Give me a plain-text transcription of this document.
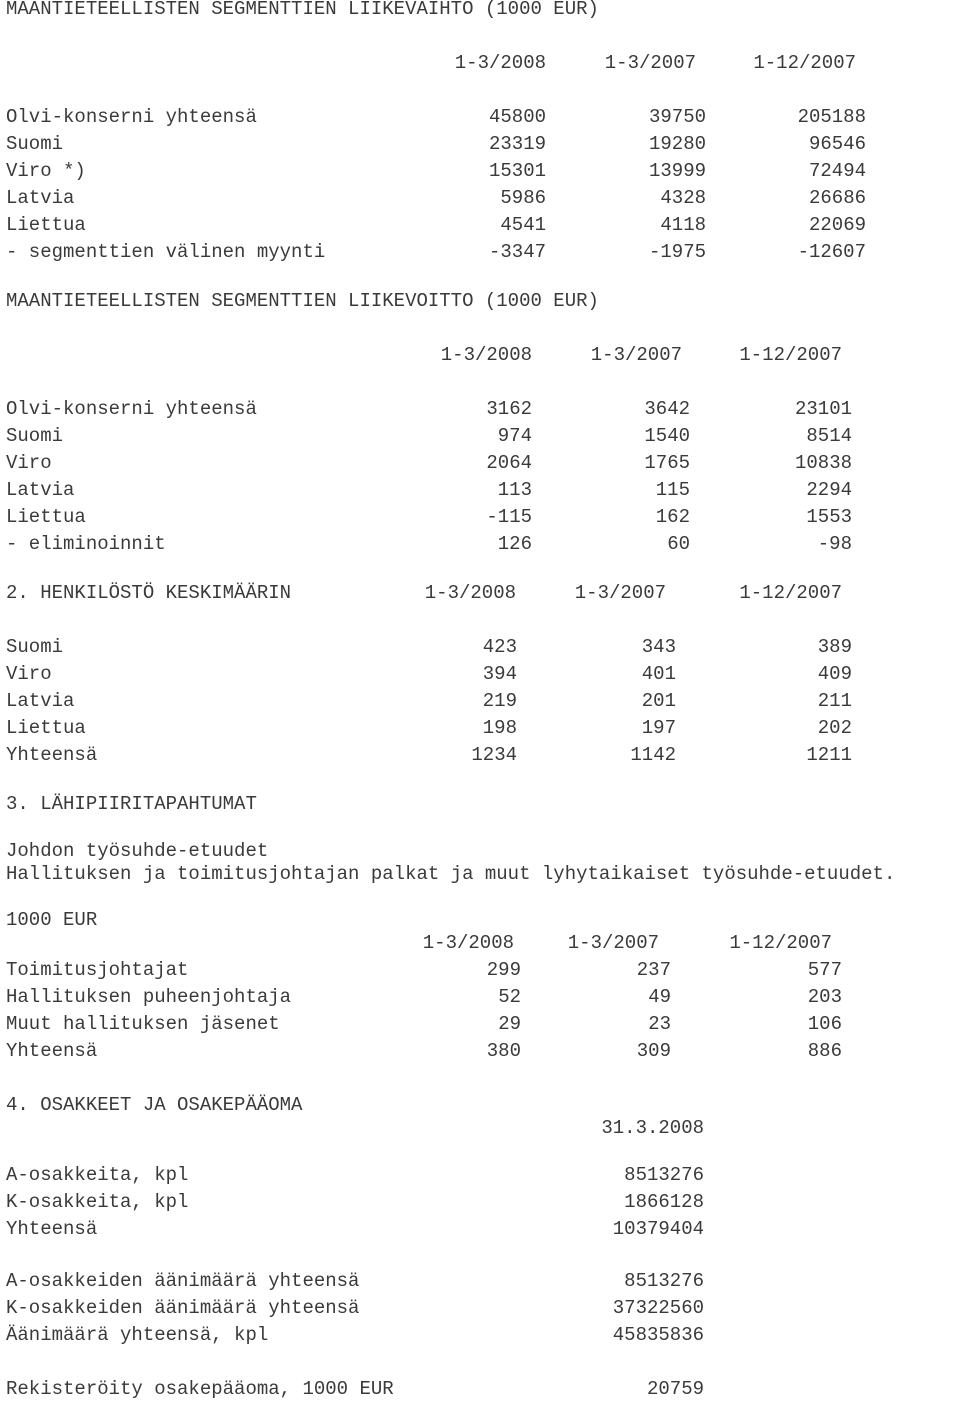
MAANTIETEELLISTEN SEGMENTTIEN LIIKEVAIHTO (1000 EUR)
1-3/2008	1-3/2007	1-12/2007
Olvi-konserni yhteensä	45800	39750	205188
Suomi	23319	19280	96546
Viro *)	15301	13999	72494
Latvia	5986	4328	26686
Liettua	4541	4118	22069
- segmenttien välinen myynti	-3347	-1975	-12607
MAANTIETEELLISTEN SEGMENTTIEN LIIKEVOITTO (1000 EUR)
1-3/2008	1-3/2007	1-12/2007
Olvi-konserni yhteensä	3162	3642	23101
Suomi	974	1540	8514
Viro	2064	1765	10838
Latvia	113	115	2294
Liettua	-115	162	1553
- eliminoinnit	126	60	-98
2. HENKILÖSTÖ KESKIMÄÄRIN	1-3/2008	1-3/2007	1-12/2007
Suomi	423	343	389
Viro	394	401	409
Latvia	219	201	211
Liettua	198	197	202
Yhteensä	1234	1142	1211
3. LÄHIPIIRITAPAHTUMAT
Johdon työsuhde-etuudet
Hallituksen ja toimitusjohtajan palkat ja muut lyhytaikaiset työsuhde-etuudet.
1000 EUR
1-3/2008	1-3/2007	1-12/2007
Toimitusjohtajat	299	237	577
Hallituksen puheenjohtaja	52	49	203
Muut hallituksen jäsenet	29	23	106
Yhteensä	380	309	886
4. OSAKKEET JA OSAKEPÄÄOMA
31.3.2008
A-osakkeita, kpl	8513276
K-osakkeita, kpl	1866128
Yhteensä	10379404
A-osakkeiden äänimäärä yhteensä	8513276
K-osakkeiden äänimäärä yhteensä	37322560
Äänimäärä yhteensä, kpl	45835836
Rekisteröity osakepääoma, 1000 EUR	20759
